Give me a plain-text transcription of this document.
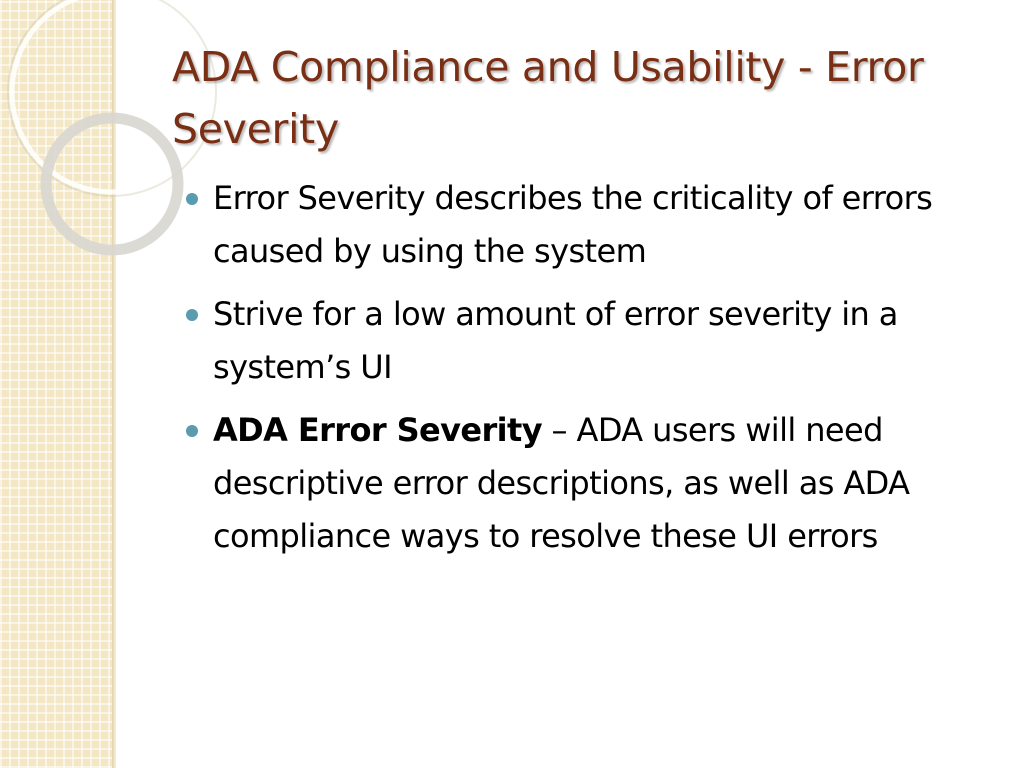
ADA Compliance and Usability - Error Severity
Error Severity describes the criticality of errors caused by using the system
Strive for a low amount of error severity in a system’s UI
ADA Error Severity – ADA users will need descriptive error descriptions, as well as ADA compliance ways to resolve these UI errors
